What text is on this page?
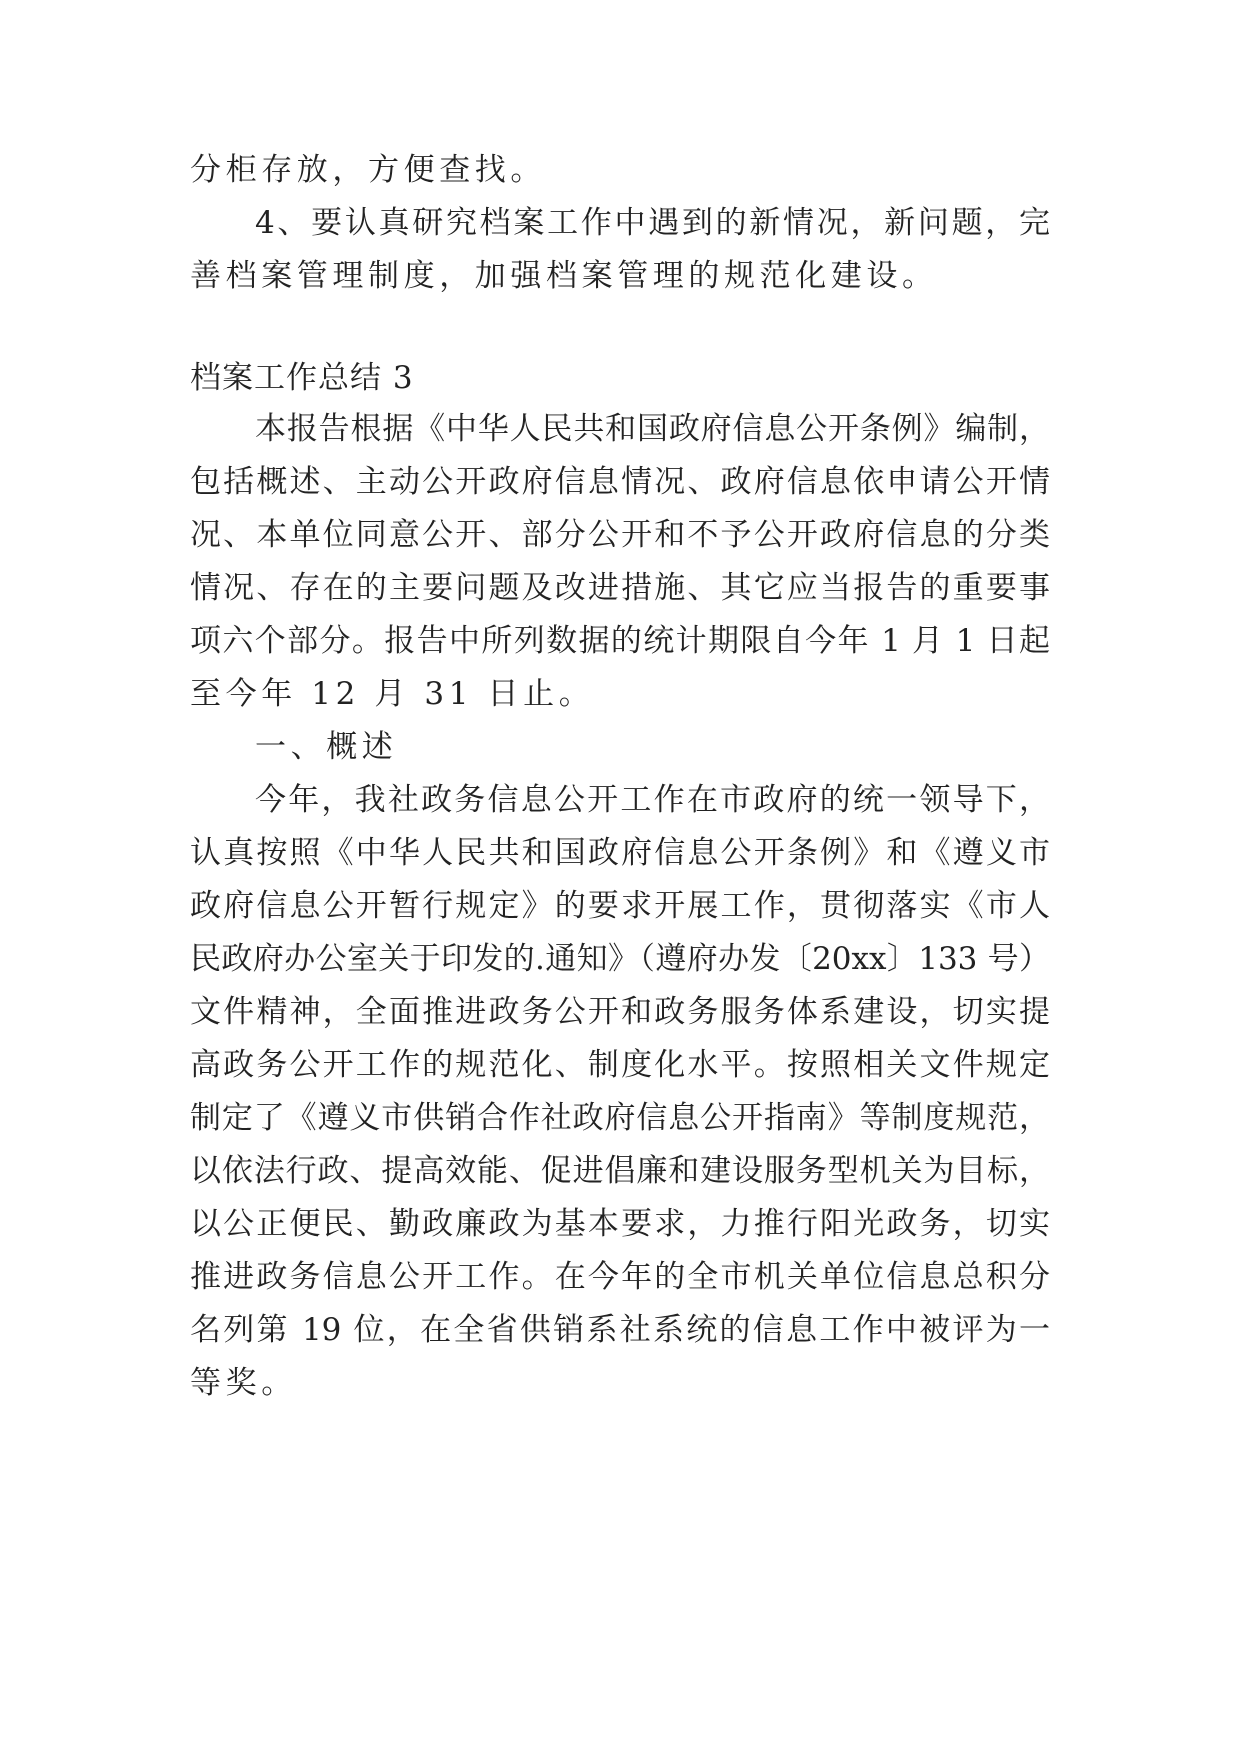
分柜存放，方便查找。
4、要认真研究档案工作中遇到的新情况，新问题，完
善档案管理制度，加强档案管理的规范化建设。
档案工作总结 3
本报告根据《中华人民共和国政府信息公开条例》编制，
包括概述、主动公开政府信息情况、政府信息依申请公开情
况、本单位同意公开、部分公开和不予公开政府信息的分类
情况、存在的主要问题及改进措施、其它应当报告的重要事
项六个部分。报告中所列数据的统计期限自今年 1 月 1 日起
至今年 12 月 31 日止。
一、概述
今年，我社政务信息公开工作在市政府的统一领导下，
认真按照《中华人民共和国政府信息公开条例》和《遵义市
政府信息公开暂行规定》的要求开展工作，贯彻落实《市人
民政府办公室关于印发的.通知》（遵府办发〔20xx〕133 号）
文件精神，全面推进政务公开和政务服务体系建设，切实提
高政务公开工作的规范化、制度化水平。按照相关文件规定
制定了《遵义市供销合作社政府信息公开指南》等制度规范，
以依法行政、提高效能、促进倡廉和建设服务型机关为目标，
以公正便民、勤政廉政为基本要求，力推行阳光政务，切实
推进政务信息公开工作。在今年的全市机关单位信息总积分
名列第 19 位，在全省供销系社系统的信息工作中被评为一
等奖。
